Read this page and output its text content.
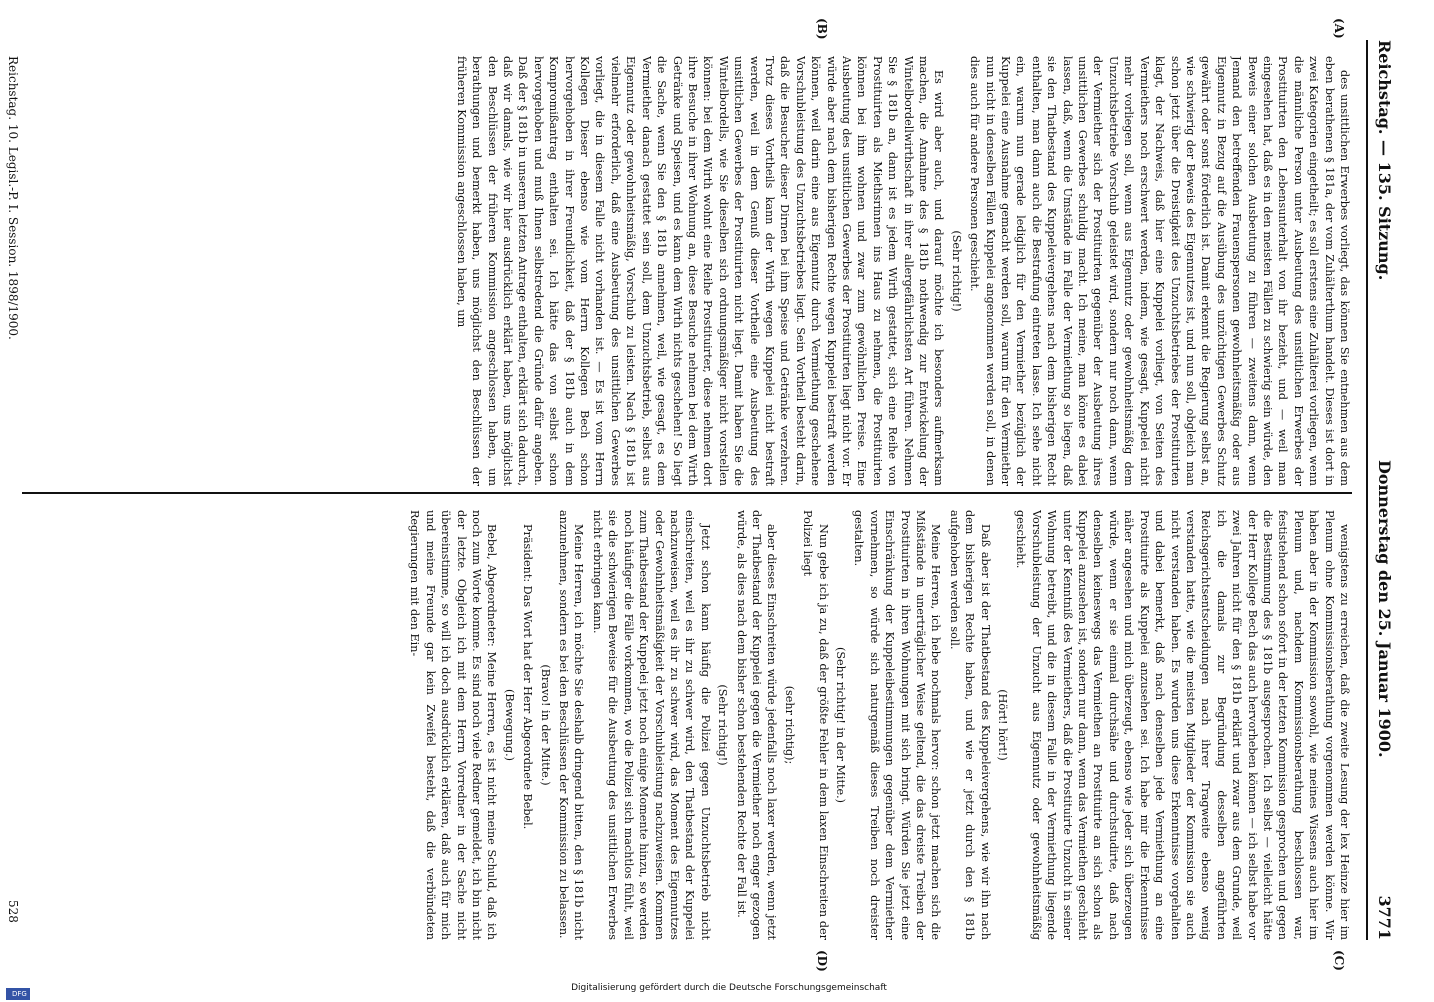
Reichstag. — 135. Sitzung.
Donnerstag den 25. Januar 1900.
3771
(A)
(B)
(C)
(D)

des unsittlichen Erwerbes vorliegt, das können Sie entnehmen aus dem eben berathenen § 181a, der vom Zuhälterthum handelt. Dieses ist dort in zwei Kategorien eingetheilt; es soll erstens eine Zuhälterei vorliegen, wenn die männliche Person unter Ausbeutung des unsittlichen Erwerbes der Prostituirten den Lebensunterhalt von ihr bezieht, und — weil man eingesehen hat, daß es in den meisten Fällen zu schwierig sein würde, den Beweis einer solchen Ausbeutung zu führen — zweitens dann, wenn Jemand den betreffenden Frauenspersonen gewohnheitsmäßig oder aus Eigennutz in Bezug auf die Ausübung des unzüchtigen Gewerbes Schutz gewährt oder sonst förderlich ist. Damit erkennt die Regierung selbst an, wie schwierig der Beweis des Eigennutzes ist, und nun soll, obgleich man schon jetzt über die Dreistigkeit des Unzuchtsbetriebes der Prostituirten klagt, der Nachweis, daß hier eine Kuppelei vorliegt, von Seiten des Vermiethers noch erschwert werden, indem, wie gesagt, Kuppelei nicht mehr vorliegen soll, wenn aus Eigennutz oder gewohnheitsmäßig dem Unzuchtsbetriebe Vorschub geleistet wird, sondern nur noch dann, wenn der Vermiether sich der Prostituirten gegenüber der Ausbeutung ihres unsittlichen Gewerbes schuldig macht. Ich meine, man könne es dabei lassen, daß, wenn die Umstände im Falle der Vermiethung so liegen, daß sie den Thatbestand des Kuppeleivergehens nach dem bisherigen Recht enthalten, man dann auch die Bestrafung eintreten lasse. Ich sehe nicht ein, warum nun gerade lediglich für den Vermiether bezüglich der Kuppelei eine Ausnahme gemacht werden soll, warum für den Vermiether nun nicht in denselben Fällen Kuppelei angenommen werden soll, in denen dies auch für andere Personen geschieht.

(Sehr richtig!)

Es wird aber auch, und darauf möchte ich besonders aufmerksam machen, die Annahme des § 181b nothwendig zur Entwickelung der Wintelbordellwirthschaft in ihrer allergefährlichsten Art führen. Nehmen Sie § 181b an, dann ist es jedem Wirth gestattet, sich eine Reihe von Prostituirten als Miethsrinnen ins Haus zu nehmen, die Prostituirten können bei ihm wohnen und zwar zum gewöhnlichen Preise. Eine Ausbeutung des unsittlichen Gewerbes der Prostituirten liegt nicht vor. Er würde aber nach dem bisherigen Rechte wegen Kuppelei bestraft werden können, weil darin eine aus Eigennutz durch Vermiethung geschehene Vorschubleistung des Unzuchtsbetriebes liegt. Sein Vortheil besteht darin, daß die Besucher dieser Dirnen bei ihm Speise und Getränke verzehren. Trotz dieses Vortheils kann der Wirth wegen Kuppelei nicht bestraft werden, weil in dem Genuß dieser Vortheile eine Ausbeutung des unsittlichen Gewerbes der Prostituirten nicht liegt. Damit haben Sie die Wintelbordells, wie Sie dieselben sich ordnungsmäßiger nicht vorstellen können: bei dem Wirth wohnt eine Reihe Prostituirter, diese nehmen dort ihre Besuche in ihrer Wohnung an, diese Besuche nehmen bei dem Wirth Getränke und Speisen, und es kann dem Wirth nichts geschehen! So liegt die Sache, wenn Sie den § 181b annehmen, weil, wie gesagt, es dem Vermiether danach gestattet sein soll, dem Unzuchtsbetrieb, selbst aus Eigennutz oder gewohnheitsmäßig, Vorschub zu leisten. Nach § 181b ist vielmehr erforderlich, daß eine Ausbeutung des unsittlichen Gewerbes vorliegt, die in diesem Falle nicht vorhanden ist. — Es ist vom Herrn Kollegen Dieser ebenso wie vom Herrn Kollegen Bech schon hervorgehoben in ihrer Freundlichkeit, daß der § 181b auch in dem Kompromißantrag enthalten sei. Ich hätte das von selbst schon hervorgehoben und muß Ihnen selbstredend die Gründe dafür angeben. Daß der § 181b in unserem letzten Antrage enthalten, erklärt sich dadurch, daß wir damals, wie wir hier ausdrücklich erklärt haben, uns möglichst den Beschlüssen der früheren Kommission angeschlossen haben, um berathungen und bemerkt haben, uns möglichst den Beschlüssen der früheren Kommission angeschlossen haben, um

wenigstens zu erreichen, daß die zweite Lesung der lex Heinze hier im Plenum ohne Kommissionsberathung vorgenommen werden könne. Wir haben aber in der Kommission sowohl, wie meines Wissens auch hier im Plenum und, nachdem Kommissionsberathung beschlossen war, festistehend schon sofort in der letzten Kommission gesprochen und gegen die Bestimmung des § 181b ausgesprochen. Ich selbst — vielleicht hätte der Herr Kollege Bech das auch hervorheben können — ich selbst habe vor zwei Jahren nicht für den § 181b erklärt und zwar aus dem Grunde, weil ich die damals zur Begründung desselben angeführten Reichsgerichtsentscheidungen nach ihrer Tragweite ebenso wenig verstanden hatte, wie die meisten Mitglieder der Kommission sie auch nicht verstanden haben. Es wurden uns diese Erkenntnisse vorgehalten und dabei bemerkt, daß nach denselben jede Vermiethung an eine Prostituirte als Kuppelei anzusehen sei. Ich habe mir die Erkenntnisse näher angesehen und mich überzeugt, ebenso wie jeder sich überzeugen würde, wenn er sie einmal durchsähe und durchstudirte, daß nach denselben keineswegs das Vermiethen an Prostituirte an sich schon als Kuppelei anzusehen ist, sondern nur dann, wenn das Vermiethen geschieht unter der Kenntniß des Vermiethers, daß die Prostituirte Unzucht in seiner Wohnung betreibt, und die in diesem Falle in der Vermiethung liegende Vorschubleistung der Unzucht aus Eigennutz oder gewohnheitsmäßig geschieht.

(Hört! hört!)

Daß aber ist der Thatbestand des Kuppeleivergehens, wie wir ihn nach dem bisherigen Rechte haben, und wie er jetzt durch den § 181b aufgehoben werden soll.

Meine Herren, ich hebe nochmals hervor: schon jetzt machen sich die Mißstände in unerträglicher Weise geltend, die das dreiste Treiben der Prostituirten in ihren Wohnungen mit sich bringt. Würden Sie jetzt eine Einschränkung der Kuppeleibestimmungen gegenüber dem Vermiether vornehmen, so würde sich naturgemäß dieses Treiben noch dreister gestalten.

(Sehr richtig! in der Mitte.)

Nun gebe ich ja zu, daß der größte Fehler in dem laxen Einschreiten der Polizei liegt

(sehr richtig);

aber dieses Einschreiten würde jedenfalls noch laxer werden, wenn jetzt der Thatbestand der Kuppelei gegen die Vermiether noch enger gezogen würde, als dies nach dem bisher schon bestehenden Rechte der Fall ist.

(Sehr richtig!)

Jetzt schon kann häufig die Polizei gegen Unzuchtsbetrieb nicht einschreiten, weil es ihr zu schwer wird, den Thatbestand der Kuppelei nachzuweisen, weil es ihr zu schwer wird, das Moment des Eigennutzes oder Gewohnheitsmäßigkeit der Vorschubleistung nachzuweisen. Kommen zum Thatbestand der Kuppelei jetzt noch einige Momente hinzu, so werden noch häufiger die Fälle vorkommen, wo die Polizei sich machtlos fühlt, weil sie die schwierigen Beweise für die Ausbeutung des unsittlichen Erwerbes nicht erbringen kann.

Meine Herren, ich möchte Sie deshalb dringend bitten, den § 181b nicht anzunehmen, sondern es bei den Beschlüssen der Kommission zu belassen.

(Bravo! in der Mitte.)

Präsident: Das Wort hat der Herr Abgeordnete Bebel.

(Bewegung.)

Bebel, Abgeordneter: Meine Herren, es ist nicht meine Schuld, daß ich noch zum Worte komme. Es sind noch viele Redner gemeldet, ich bin nicht der letzte. Obgleich ich mit dem Herrn Vorredner in der Sache nicht übereinstimme, so will ich doch ausdrücklich erklären, daß auch für mich und meine Freunde gar kein Zweifel besteht, daß die verbündeten Regierungen mit den Ein-

Reichstag. 10. Legisl.-P. I. Session. 1898/1900.
528
Digitalisierung gefördert durch die Deutsche Forschungsgemeinschaft
DFG
